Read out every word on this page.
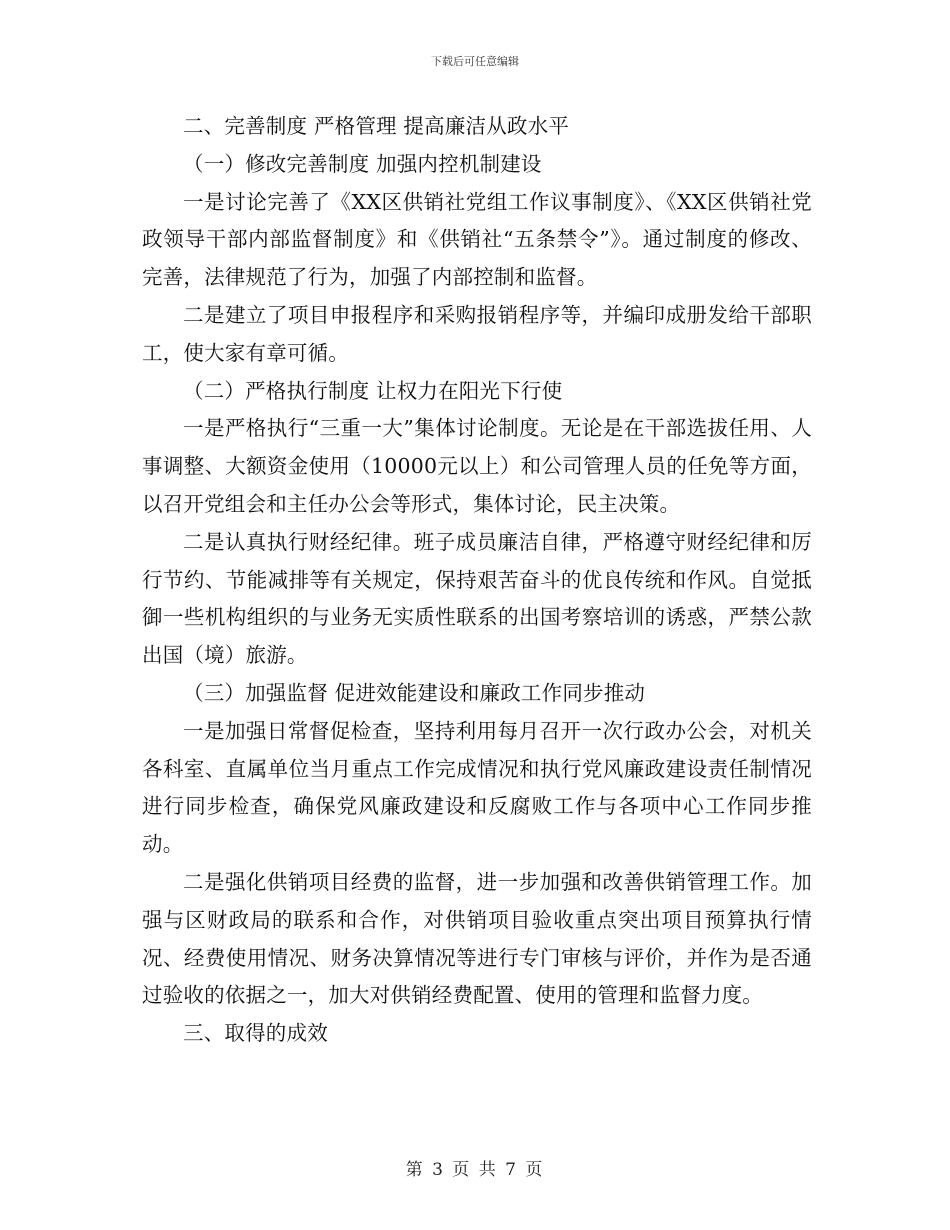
下载后可任意编辑

二、完善制度 严格管理 提高廉洁从政水平

（一）修改完善制度 加强内控机制建设

一是讨论完善了《XX区供销社党组工作议事制度》、《XX区供销社党政领导干部内部监督制度》和《供销社“五条禁令”》。通过制度的修改、完善，法律规范了行为，加强了内部控制和监督。

二是建立了项目申报程序和采购报销程序等，并编印成册发给干部职工，使大家有章可循。

（二）严格执行制度 让权力在阳光下行使

一是严格执行“三重一大”集体讨论制度。无论是在干部选拔任用、人事调整、大额资金使用（10000元以上）和公司管理人员的任免等方面，以召开党组会和主任办公会等形式，集体讨论，民主决策。

二是认真执行财经纪律。班子成员廉洁自律，严格遵守财经纪律和厉行节约、节能减排等有关规定，保持艰苦奋斗的优良传统和作风。自觉抵御一些机构组织的与业务无实质性联系的出国考察培训的诱惑，严禁公款出国（境）旅游。

（三）加强监督 促进效能建设和廉政工作同步推动

一是加强日常督促检查，坚持利用每月召开一次行政办公会，对机关各科室、直属单位当月重点工作完成情况和执行党风廉政建设责任制情况进行同步检查，确保党风廉政建设和反腐败工作与各项中心工作同步推动。

二是强化供销项目经费的监督，进一步加强和改善供销管理工作。加强与区财政局的联系和合作，对供销项目验收重点突出项目预算执行情况、经费使用情况、财务决算情况等进行专门审核与评价，并作为是否通过验收的依据之一，加大对供销经费配置、使用的管理和监督力度。

三、取得的成效

第 3 页 共 7 页
